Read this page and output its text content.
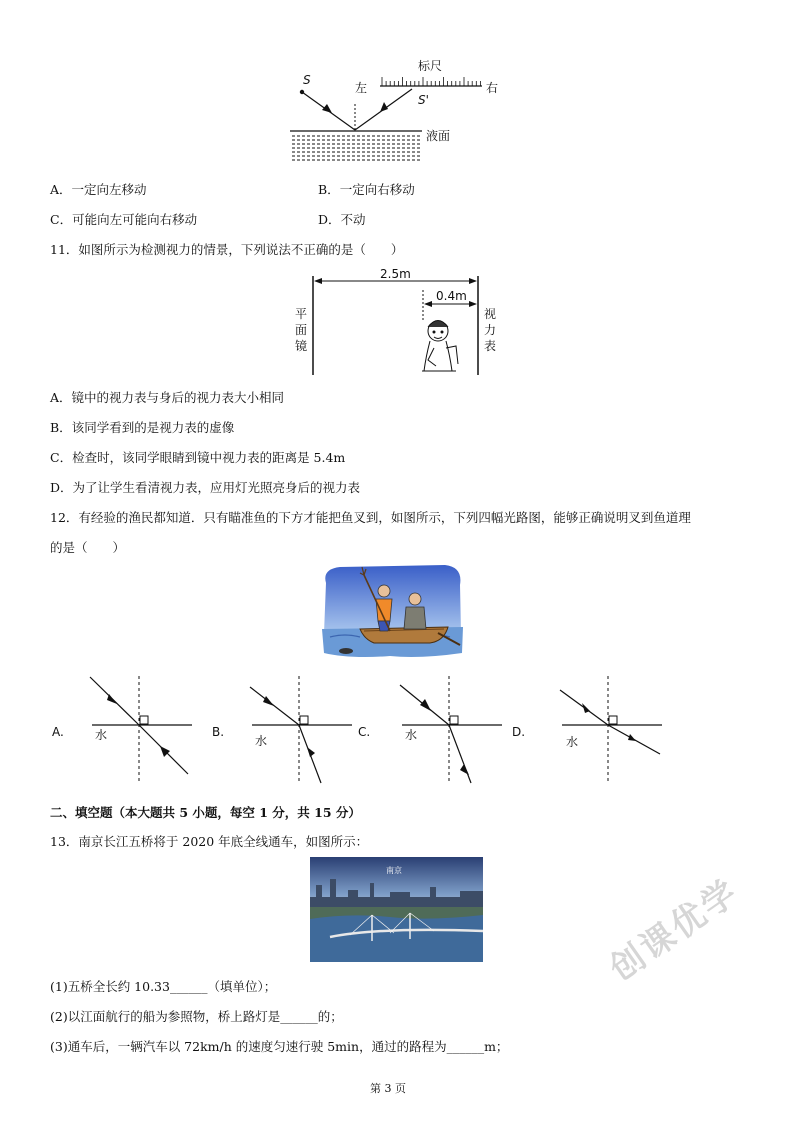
标尺
左	右
S
S'
液面
A．一定向左移动	B．一定向右移动
C．可能向左可能向右移动	D．不动
11．如图所示为检测视力的情景，下列说法不正确的是（　　）
2.5m
0.4m
平
面
镜
视
力
表
A．镜中的视力表与身后的视力表大小相同
B．该同学看到的是视力表的虚像
C．检查时，该同学眼睛到镜中视力表的距离是 5.4m
D．为了让学生看清视力表，应用灯光照亮身后的视力表
12．有经验的渔民都知道．只有瞄准鱼的下方才能把鱼叉到，如图所示，下列四幅光路图，能够正确说明叉到鱼道理
的是（　　）
A.	B.	C.	D.
水	水	水	水
二、填空题（本大题共 5 小题，每空 1 分，共 15 分）
13．南京长江五桥将于 2020 年底全线通车，如图所示：
南京
(1)五桥全长约 10.33______（填单位）；
(2)以江面航行的船为参照物，桥上路灯是______的；
(3)通车后，一辆汽车以 72km/h 的速度匀速行驶 5min，通过的路程为______m；
创课优学
第 3 页
